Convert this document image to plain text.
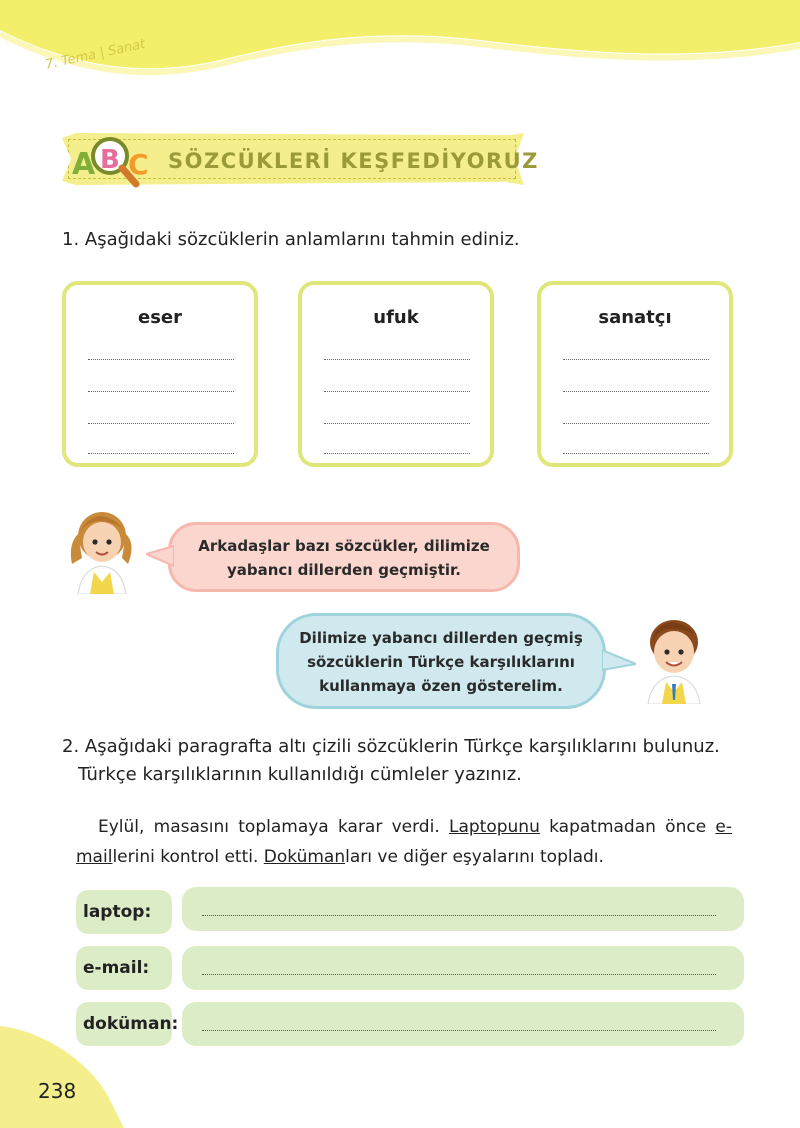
7. Tema | Sanat
A B C SÖZCÜKLERİ KEŞFEDİYORUZ
1. Aşağıdaki sözcüklerin anlamlarını tahmin ediniz.
eser	ufuk	sanatçı
Arkadaşlar bazı sözcükler, dilimize yabancı dillerden geçmiştir.
Dilimize yabancı dillerden geçmiş sözcüklerin Türkçe karşılıklarını kullanmaya özen gösterelim.
2. Aşağıdaki paragrafta altı çizili sözcüklerin Türkçe karşılıklarını bulunuz.
Türkçe karşılıklarının kullanıldığı cümleler yazınız.
Eylül, masasını toplamaya karar verdi. Laptopunu kapatmadan önce e-maillerini kontrol etti. Dokümanları ve diğer eşyalarını topladı.
laptop:
e-mail:
doküman:
238
